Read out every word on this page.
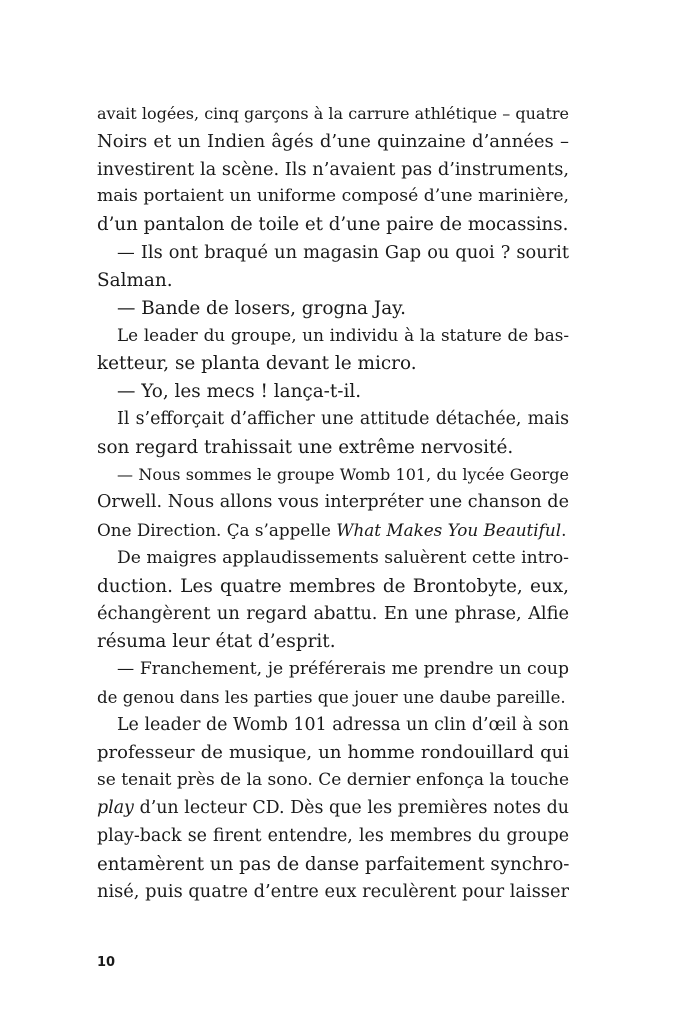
avait logées, cinq garçons à la carrure athlétique – quatre
Noirs et un Indien âgés d’une quinzaine d’années –
investirent la scène. Ils n’avaient pas d’instruments,
mais portaient un uniforme composé d’une marinière,
d’un pantalon de toile et d’une paire de mocassins.
— Ils ont braqué un magasin Gap ou quoi ? sourit
Salman.
— Bande de losers, grogna Jay.
Le leader du groupe, un individu à la stature de bas-
ketteur, se planta devant le micro.
— Yo, les mecs ! lança-t-il.
Il s’efforçait d’afficher une attitude détachée, mais
son regard trahissait une extrême nervosité.
— Nous sommes le groupe Womb 101, du lycée George
Orwell. Nous allons vous interpréter une chanson de
One Direction. Ça s’appelle What Makes You Beautiful.
De maigres applaudissements saluèrent cette intro-
duction. Les quatre membres de Brontobyte, eux,
échangèrent un regard abattu. En une phrase, Alfie
résuma leur état d’esprit.
— Franchement, je préférerais me prendre un coup
de genou dans les parties que jouer une daube pareille.
Le leader de Womb 101 adressa un clin d’œil à son
professeur de musique, un homme rondouillard qui
se tenait près de la sono. Ce dernier enfonça la touche
play d’un lecteur CD. Dès que les premières notes du
play-back se firent entendre, les membres du groupe
entamèrent un pas de danse parfaitement synchro-
nisé, puis quatre d’entre eux reculèrent pour laisser
10
